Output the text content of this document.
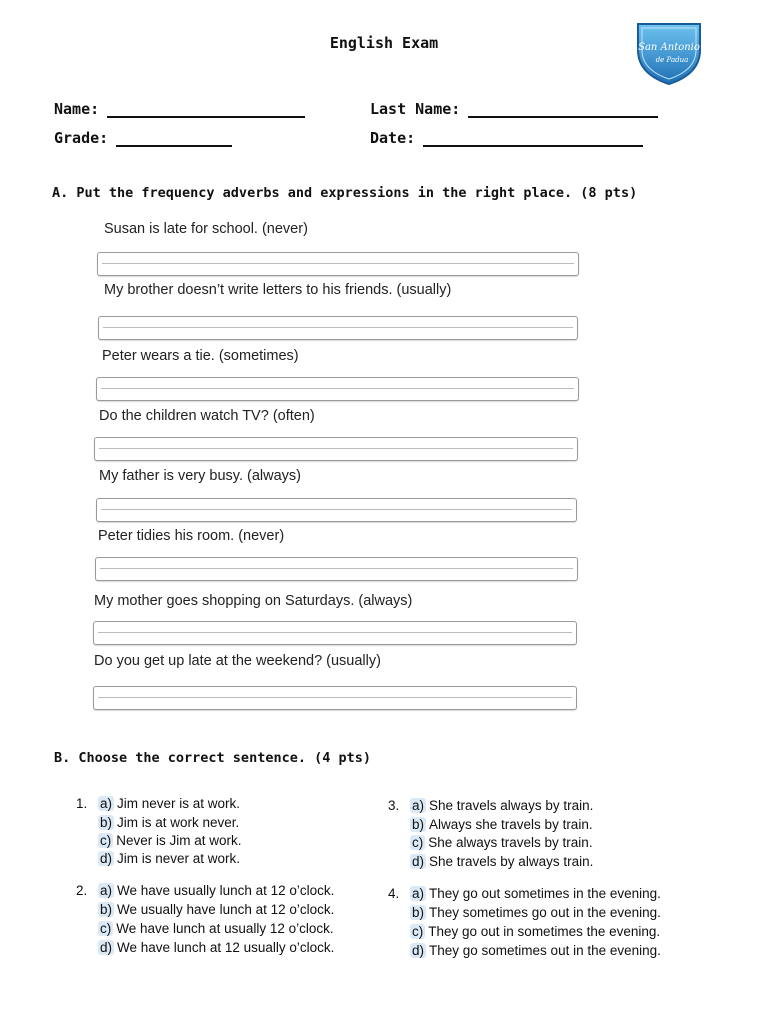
English Exam	San Antonio
de Padua
Name:	Last Name:
Grade:	Date:
A. Put the frequency adverbs and expressions in the right place. (8 pts)
Susan is late for school. (never)
My brother doesn’t write letters to his friends. (usually)
Peter wears a tie. (sometimes)
Do the children watch TV? (often)
My father is very busy. (always)
Peter tidies his room. (never)
My mother goes shopping on Saturdays. (always)
Do you get up late at the weekend? (usually)
B. Choose the correct sentence. (4 pts)
1. a) Jim never is at work.
b) Jim is at work never.
c) Never is Jim at work.
d) Jim is never at work.
2. a) We have usually lunch at 12 o’clock.
b) We usually have lunch at 12 o’clock.
c) We have lunch at usually 12 o’clock.
d) We have lunch at 12 usually o’clock.
3. a) She travels always by train.
b) Always she travels by train.
c) She always travels by train.
d) She travels by always train.
4. a) They go out sometimes in the evening.
b) They sometimes go out in the evening.
c) They go out in sometimes the evening.
d) They go sometimes out in the evening.
